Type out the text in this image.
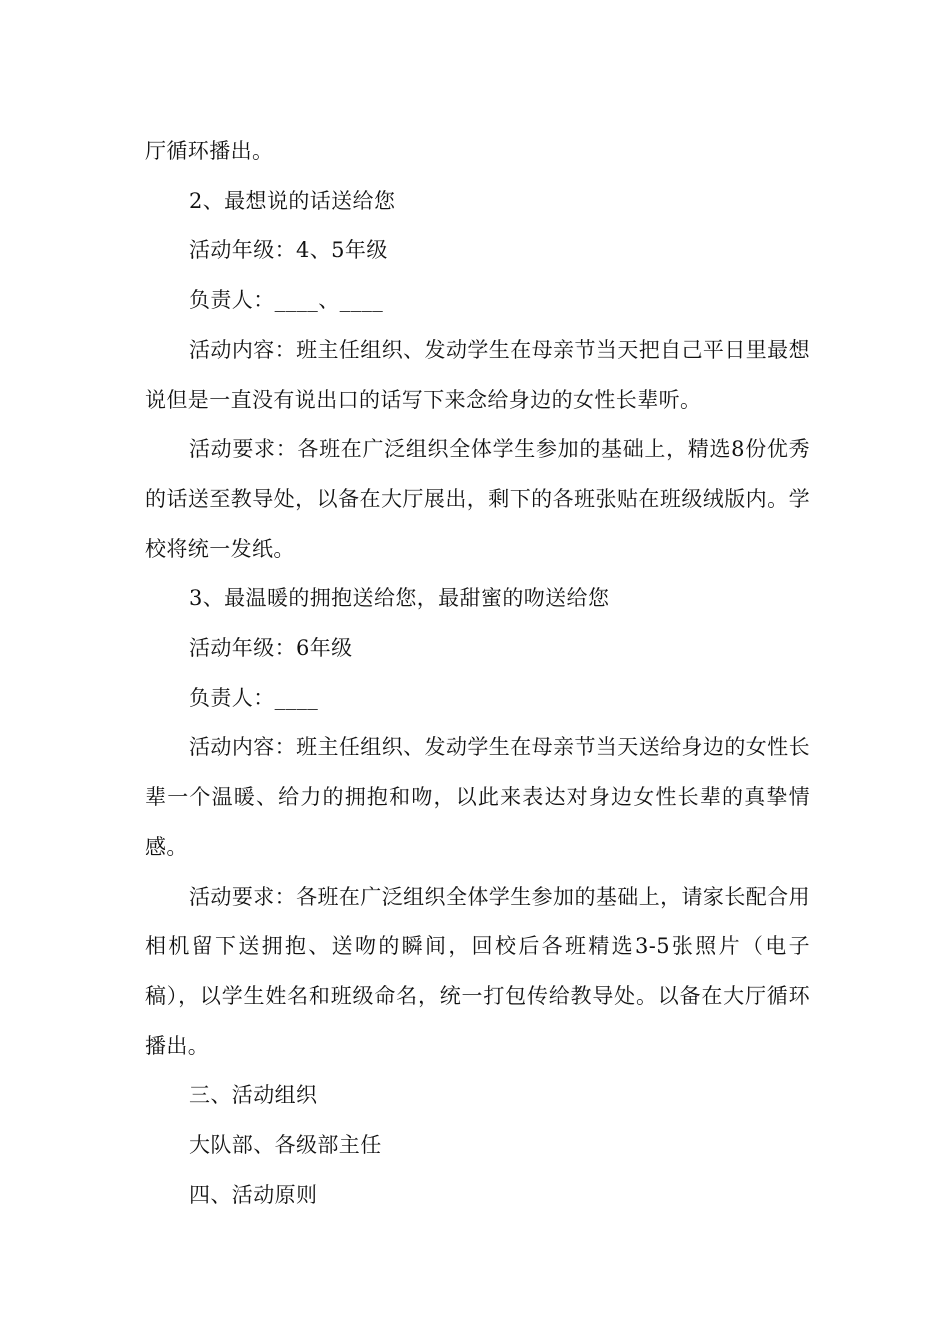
厅循环播出。

2、最想说的话送给您

活动年级：4、5年级

负责人：____、____

活动内容：班主任组织、发动学生在母亲节当天把自己平日里最想说但是一直没有说出口的话写下来念给身边的女性长辈听。

活动要求：各班在广泛组织全体学生参加的基础上，精选8份优秀的话送至教导处，以备在大厅展出，剩下的各班张贴在班级绒版内。学校将统一发纸。

3、最温暖的拥抱送给您，最甜蜜的吻送给您

活动年级：6年级

负责人：____

活动内容：班主任组织、发动学生在母亲节当天送给身边的女性长辈一个温暖、给力的拥抱和吻，以此来表达对身边女性长辈的真挚情感。

活动要求：各班在广泛组织全体学生参加的基础上，请家长配合用相机留下送拥抱、送吻的瞬间，回校后各班精选3-5张照片（电子稿），以学生姓名和班级命名，统一打包传给教导处。以备在大厅循环播出。

三、活动组织

大队部、各级部主任

四、活动原则
